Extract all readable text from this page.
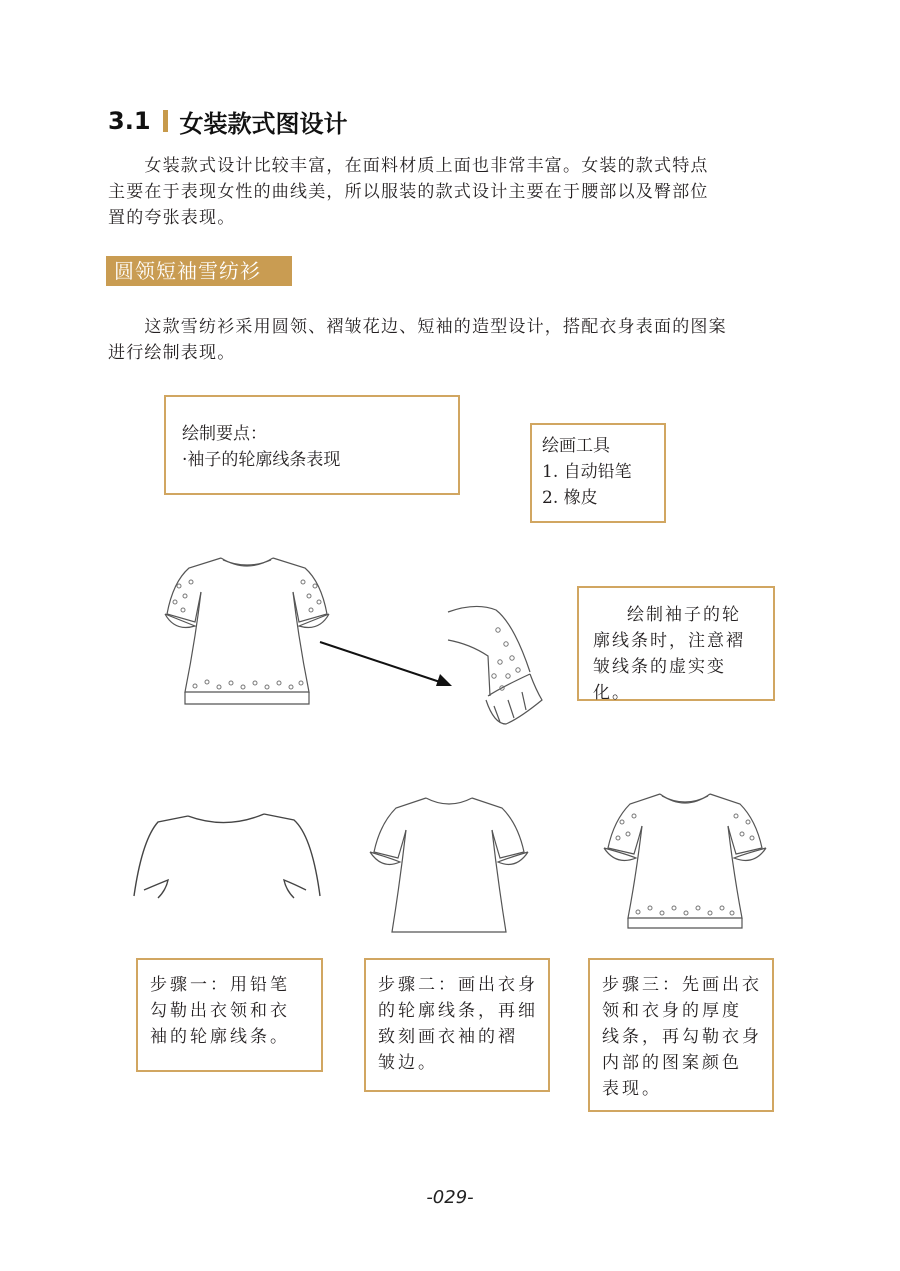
3.1 女装款式图设计
　　女装款式设计比较丰富，在面料材质上面也非常丰富。女装的款式特点
主要在于表现女性的曲线美，所以服装的款式设计主要在于腰部以及臀部位
置的夸张表现。
圆领短袖雪纺衫
　　这款雪纺衫采用圆领、褶皱花边、短袖的造型设计，搭配衣身表面的图案
进行绘制表现。
绘制要点：
·袖子的轮廓线条表现
绘画工具
1. 自动铅笔
2. 橡皮
绘制袖子的轮廓线条时，注意褶皱线条的虚实变化。
步骤一：用铅笔
勾勒出衣领和衣
袖的轮廓线条。
步骤二：画出衣身
的轮廓线条，再细
致刻画衣袖的褶
皱边。
步骤三：先画出衣
领和衣身的厚度
线条，再勾勒衣身
内部的图案颜色
表现。
-029-
